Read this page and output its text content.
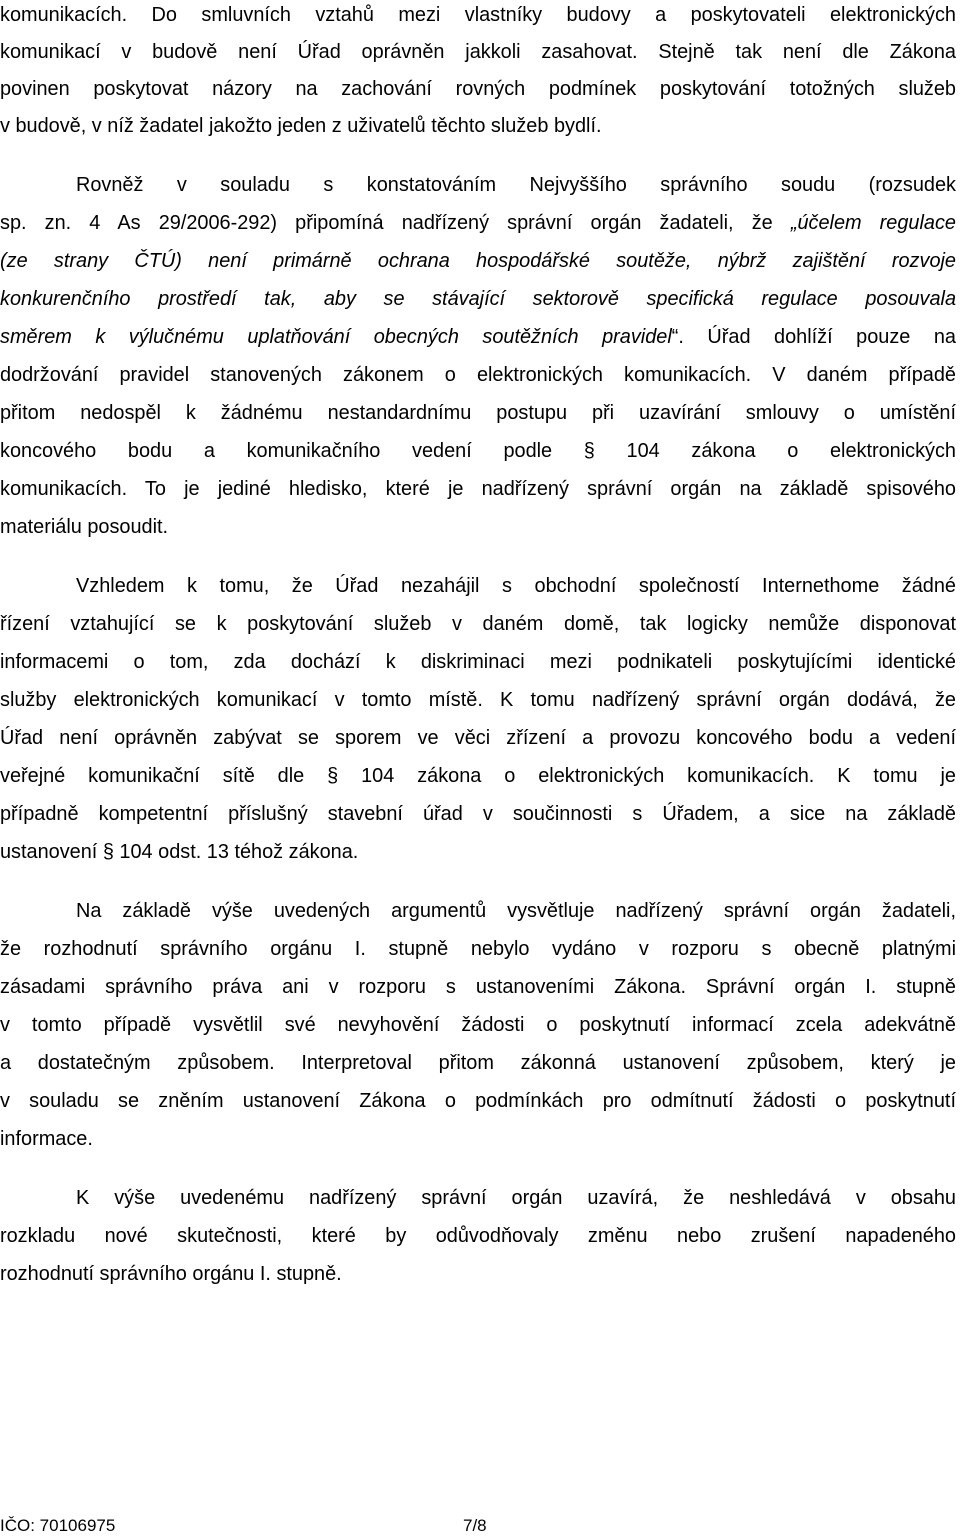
komunikacích. Do smluvních vztahů mezi vlastníky budovy a poskytovateli elektronických
komunikací v budově není Úřad oprávněn jakkoli zasahovat. Stejně tak není dle Zákona
povinen poskytovat názory na zachování rovných podmínek poskytování totožných služeb
v budově, v níž žadatel jakožto jeden z uživatelů těchto služeb bydlí.
Rovněž v souladu s konstatováním Nejvyššího správního soudu (rozsudek
sp. zn. 4 As 29/2006-292) připomíná nadřízený správní orgán žadateli, že „účelem regulace
(ze strany ČTÚ) není primárně ochrana hospodářské soutěže, nýbrž zajištění rozvoje
konkurenčního prostředí tak, aby se stávající sektorově specifická regulace posouvala
směrem k výlučnému uplatňování obecných soutěžních pravidel“. Úřad dohlíží pouze na
dodržování pravidel stanovených zákonem o elektronických komunikacích. V daném případě
přitom nedospěl k žádnému nestandardnímu postupu při uzavírání smlouvy o umístění
koncového bodu a komunikačního vedení podle § 104 zákona o elektronických
komunikacích. To je jediné hledisko, které je nadřízený správní orgán na základě spisového
materiálu posoudit.
Vzhledem k tomu, že Úřad nezahájil s obchodní společností Internethome žádné
řízení vztahující se k poskytování služeb v daném domě, tak logicky nemůže disponovat
informacemi o tom, zda dochází k diskriminaci mezi podnikateli poskytujícími identické
služby elektronických komunikací v tomto místě. K tomu nadřízený správní orgán dodává, že
Úřad není oprávněn zabývat se sporem ve věci zřízení a provozu koncového bodu a vedení
veřejné komunikační sítě dle § 104 zákona o elektronických komunikacích. K tomu je
případně kompetentní příslušný stavební úřad v součinnosti s Úřadem, a sice na základě
ustanovení § 104 odst. 13 téhož zákona.
Na základě výše uvedených argumentů vysvětluje nadřízený správní orgán žadateli,
že rozhodnutí správního orgánu I. stupně nebylo vydáno v rozporu s obecně platnými
zásadami správního práva ani v rozporu s ustanoveními Zákona. Správní orgán I. stupně
v tomto případě vysvětlil své nevyhovění žádosti o poskytnutí informací zcela adekvátně
a dostatečným způsobem. Interpretoval přitom zákonná ustanovení způsobem, který je
v souladu se zněním ustanovení Zákona o podmínkách pro odmítnutí žádosti o poskytnutí
informace.
K výše uvedenému nadřízený správní orgán uzavírá, že neshledává v obsahu
rozkladu nové skutečnosti, které by odůvodňovaly změnu nebo zrušení napadeného
rozhodnutí správního orgánu I. stupně.
IČO: 70106975	7/8
